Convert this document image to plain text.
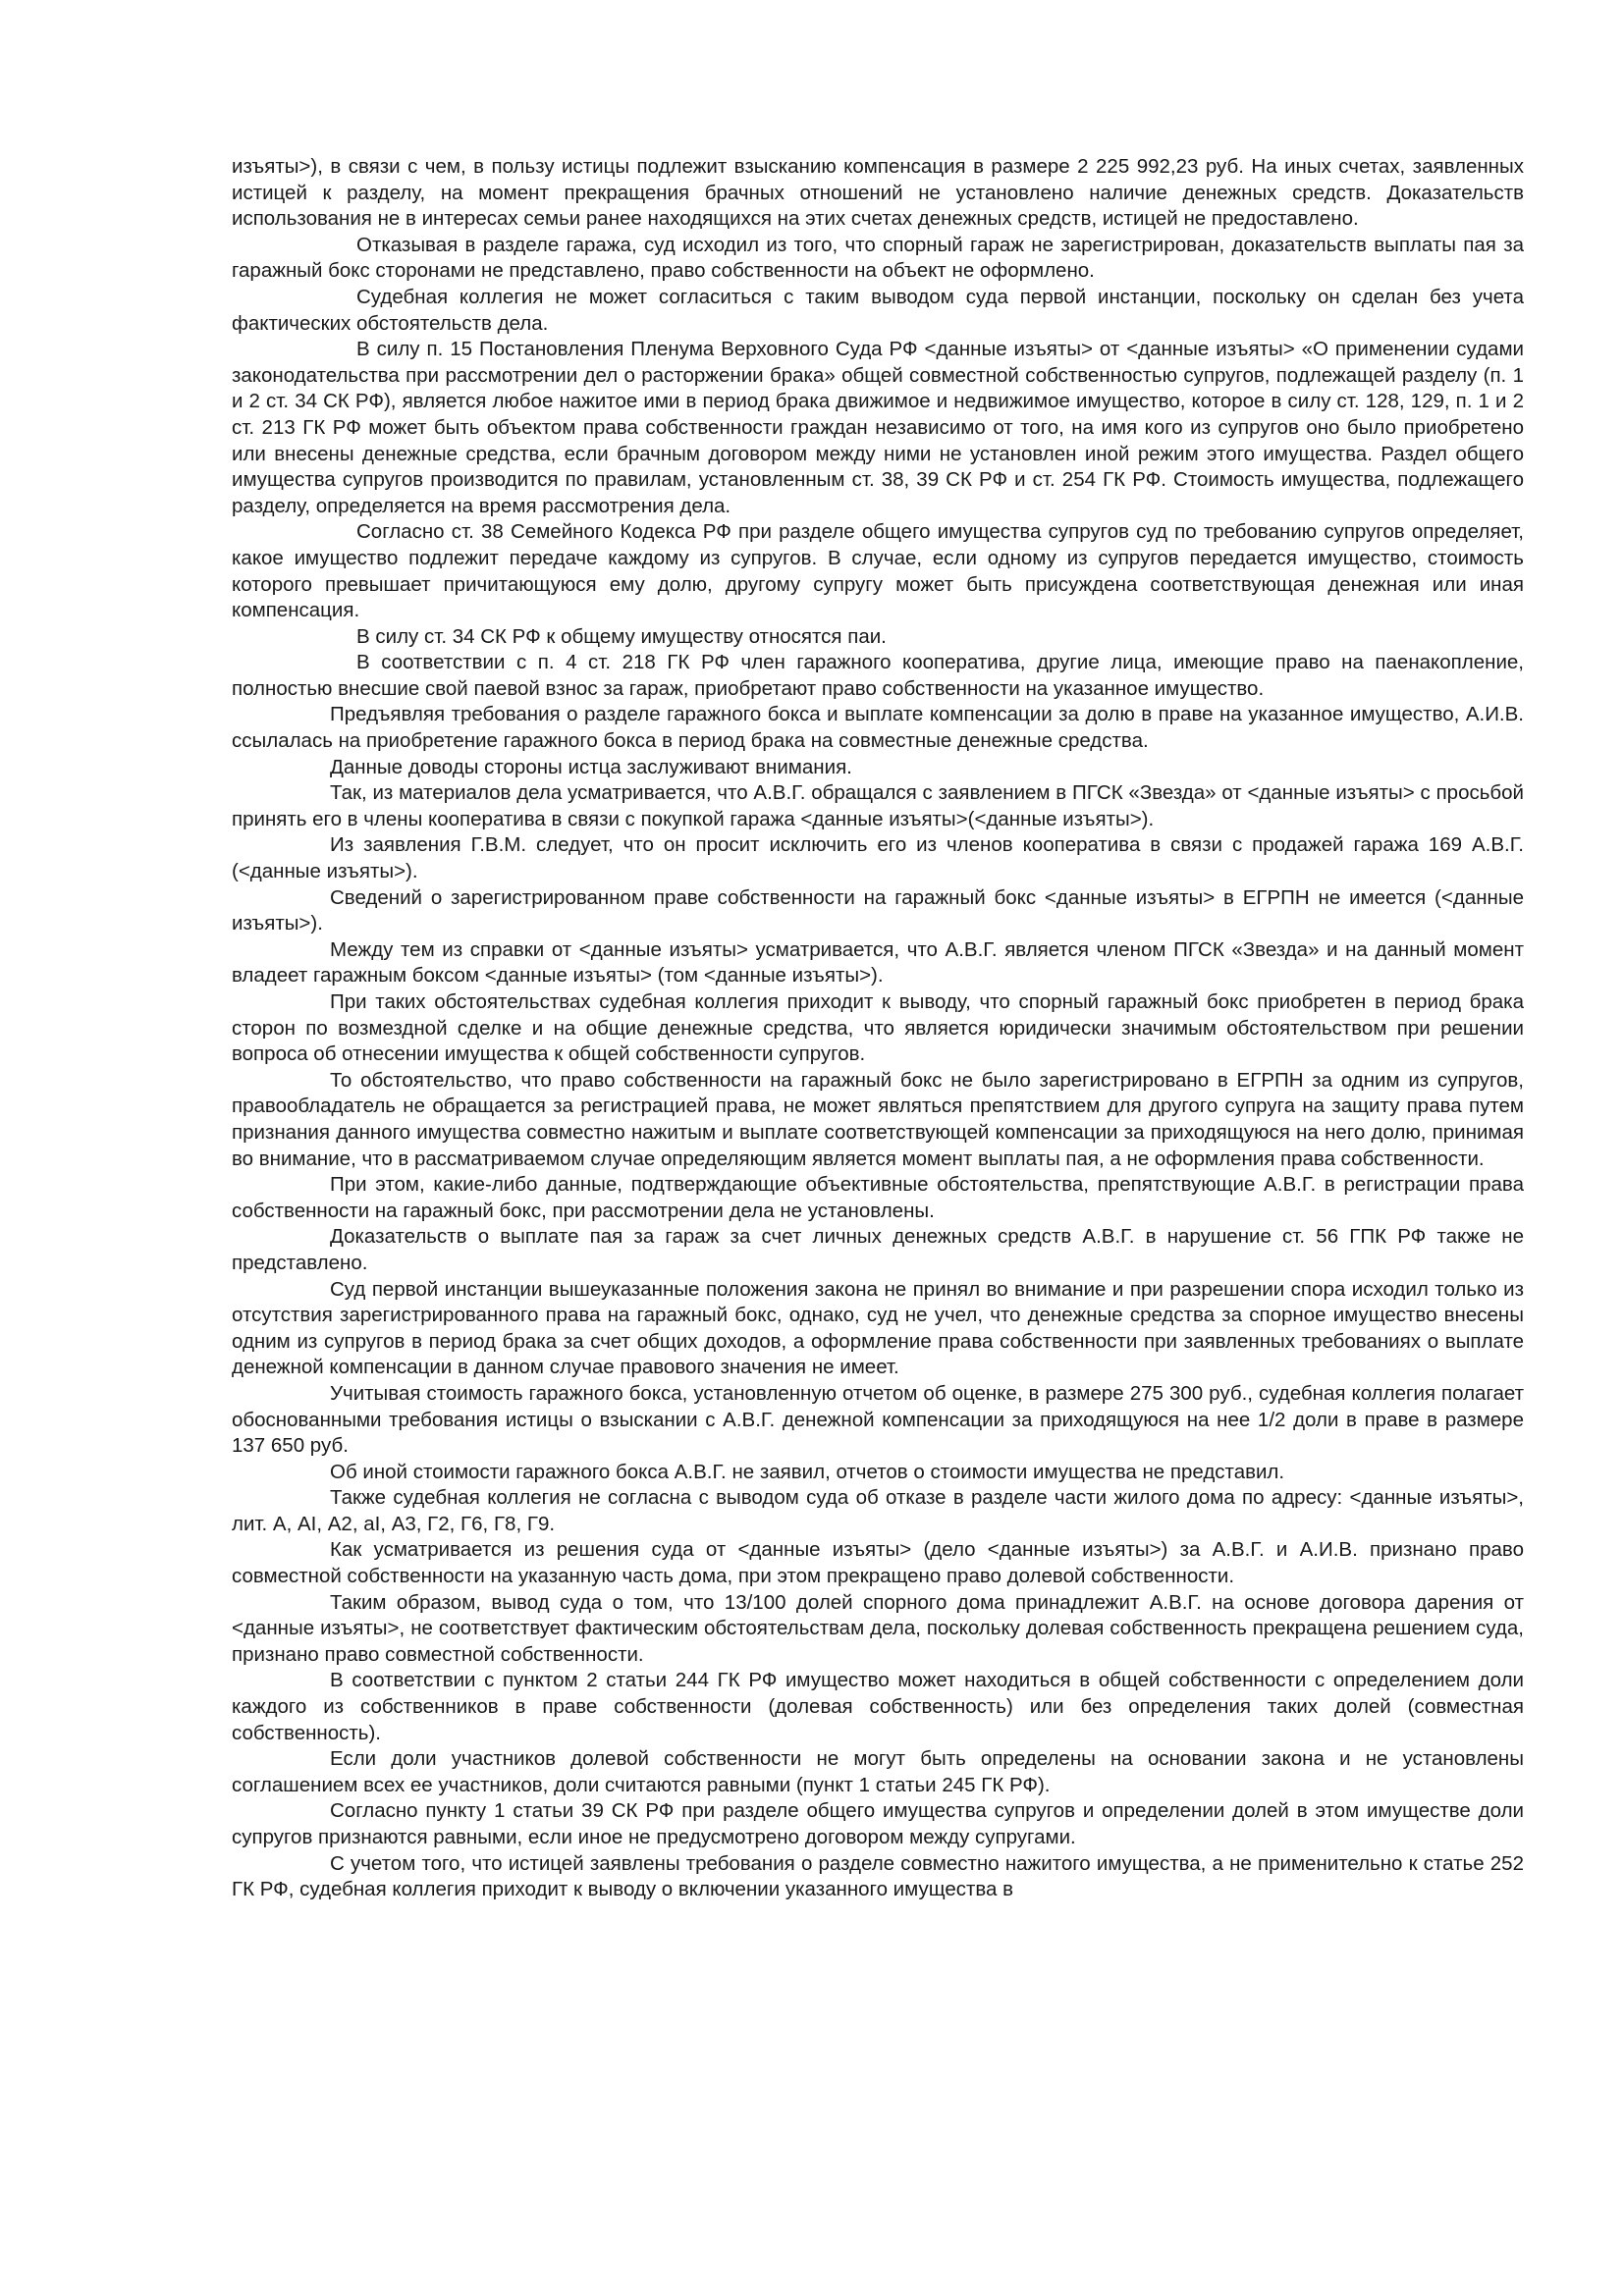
изъяты>), в связи с чем, в пользу истицы подлежит взысканию компенсация в размере 2 225 992,23 руб. На иных счетах, заявленных истицей к разделу, на момент прекращения брачных отношений не установлено наличие денежных средств. Доказательств использования не в интересах семьи ранее находящихся на этих счетах денежных средств, истицей не предоставлено.

Отказывая в разделе гаража, суд исходил из того, что спорный гараж не зарегистрирован, доказательств выплаты пая за гаражный бокс сторонами не представлено, право собственности на объект не оформлено.

Судебная коллегия не может согласиться с таким выводом суда первой инстанции, поскольку он сделан без учета фактических обстоятельств дела.

В силу п. 15 Постановления Пленума Верховного Суда РФ <данные изъяты> от <данные изъяты> «О применении судами законодательства при рассмотрении дел о расторжении брака» общей совместной собственностью супругов, подлежащей разделу (п. 1 и 2 ст. 34 СК РФ), является любое нажитое ими в период брака движимое и недвижимое имущество, которое в силу ст. 128, 129, п. 1 и 2 ст. 213 ГК РФ может быть объектом права собственности граждан независимо от того, на имя кого из супругов оно было приобретено или внесены денежные средства, если брачным договором между ними не установлен иной режим этого имущества. Раздел общего имущества супругов производится по правилам, установленным ст. 38, 39 СК РФ и ст. 254 ГК РФ. Стоимость имущества, подлежащего разделу, определяется на время рассмотрения дела.

Согласно ст. 38 Семейного Кодекса РФ при разделе общего имущества супругов суд по требованию супругов определяет, какое имущество подлежит передаче каждому из супругов. В случае, если одному из супругов передается имущество, стоимость которого превышает причитающуюся ему долю, другому супругу может быть присуждена соответствующая денежная или иная компенсация.

В силу ст. 34 СК РФ к общему имуществу относятся паи.

В соответствии с п. 4 ст. 218 ГК РФ член гаражного кооператива, другие лица, имеющие право на паенакопление, полностью внесшие свой паевой взнос за гараж, приобретают право собственности на указанное имущество.

Предъявляя требования о разделе гаражного бокса и выплате компенсации за долю в праве на указанное имущество, А.И.В. ссылалась на приобретение гаражного бокса в период брака на совместные денежные средства.

Данные доводы стороны истца заслуживают внимания.

Так, из материалов дела усматривается, что А.В.Г. обращался с заявлением в ПГСК «Звезда» от <данные изъяты> с просьбой принять его в члены кооператива в связи с покупкой гаража <данные изъяты>(<данные изъяты>).

Из заявления Г.В.М. следует, что он просит исключить его из членов кооператива в связи с продажей гаража 169 А.В.Г. (<данные изъяты>).

Сведений о зарегистрированном праве собственности на гаражный бокс <данные изъяты> в ЕГРПН не имеется (<данные изъяты>).

Между тем из справки от <данные изъяты> усматривается, что А.В.Г. является членом ПГСК «Звезда» и на данный момент владеет гаражным боксом <данные изъяты> (том <данные изъяты>).

При таких обстоятельствах судебная коллегия приходит к выводу, что спорный гаражный бокс приобретен в период брака сторон по возмездной сделке и на общие денежные средства, что является юридически значимым обстоятельством при решении вопроса об отнесении имущества к общей собственности супругов.

То обстоятельство, что право собственности на гаражный бокс не было зарегистрировано в ЕГРПН за одним из супругов, правообладатель не обращается за регистрацией права, не может являться препятствием для другого супруга на защиту права путем признания данного имущества совместно нажитым и выплате соответствующей компенсации за приходящуюся на него долю, принимая во внимание, что в рассматриваемом случае определяющим является момент выплаты пая, а не оформления права собственности.

При этом, какие-либо данные, подтверждающие объективные обстоятельства, препятствующие А.В.Г. в регистрации права собственности на гаражный бокс, при рассмотрении дела не установлены.

Доказательств о выплате пая за гараж за счет личных денежных средств А.В.Г. в нарушение ст. 56 ГПК РФ также не представлено.

Суд первой инстанции вышеуказанные положения закона не принял во внимание и при разрешении спора исходил только из отсутствия зарегистрированного права на гаражный бокс, однако, суд не учел, что денежные средства за спорное имущество внесены одним из супругов в период брака за счет общих доходов, а оформление права собственности при заявленных требованиях о выплате денежной компенсации в данном случае правового значения не имеет.

Учитывая стоимость гаражного бокса, установленную отчетом об оценке, в размере 275 300 руб., судебная коллегия полагает обоснованными требования истицы о взыскании с А.В.Г. денежной компенсации за приходящуюся на нее 1/2 доли в праве в размере 137 650 руб.

Об иной стоимости гаражного бокса А.В.Г. не заявил, отчетов о стоимости имущества не представил.

Также судебная коллегия не согласна с выводом суда об отказе в разделе части жилого дома по адресу: <данные изъяты>, лит. А, АI, А2, аI, А3, Г2, Г6, Г8, Г9.

Как усматривается из решения суда от <данные изъяты> (дело <данные изъяты>) за А.В.Г. и А.И.В. признано право совместной собственности на указанную часть дома, при этом прекращено право долевой собственности.

Таким образом, вывод суда о том, что 13/100 долей спорного дома принадлежит А.В.Г. на основе договора дарения от <данные изъяты>, не соответствует фактическим обстоятельствам дела, поскольку долевая собственность прекращена решением суда, признано право совместной собственности.

В соответствии с пунктом 2 статьи 244 ГК РФ имущество может находиться в общей собственности с определением доли каждого из собственников в праве собственности (долевая собственность) или без определения таких долей (совместная собственность).

Если доли участников долевой собственности не могут быть определены на основании закона и не установлены соглашением всех ее участников, доли считаются равными (пункт 1 статьи 245 ГК РФ).

Согласно пункту 1 статьи 39 СК РФ при разделе общего имущества супругов и определении долей в этом имуществе доли супругов признаются равными, если иное не предусмотрено договором между супругами.

С учетом того, что истицей заявлены требования о разделе совместно нажитого имущества, а не применительно к статье 252 ГК РФ, судебная коллегия приходит к выводу о включении указанного имущества в
